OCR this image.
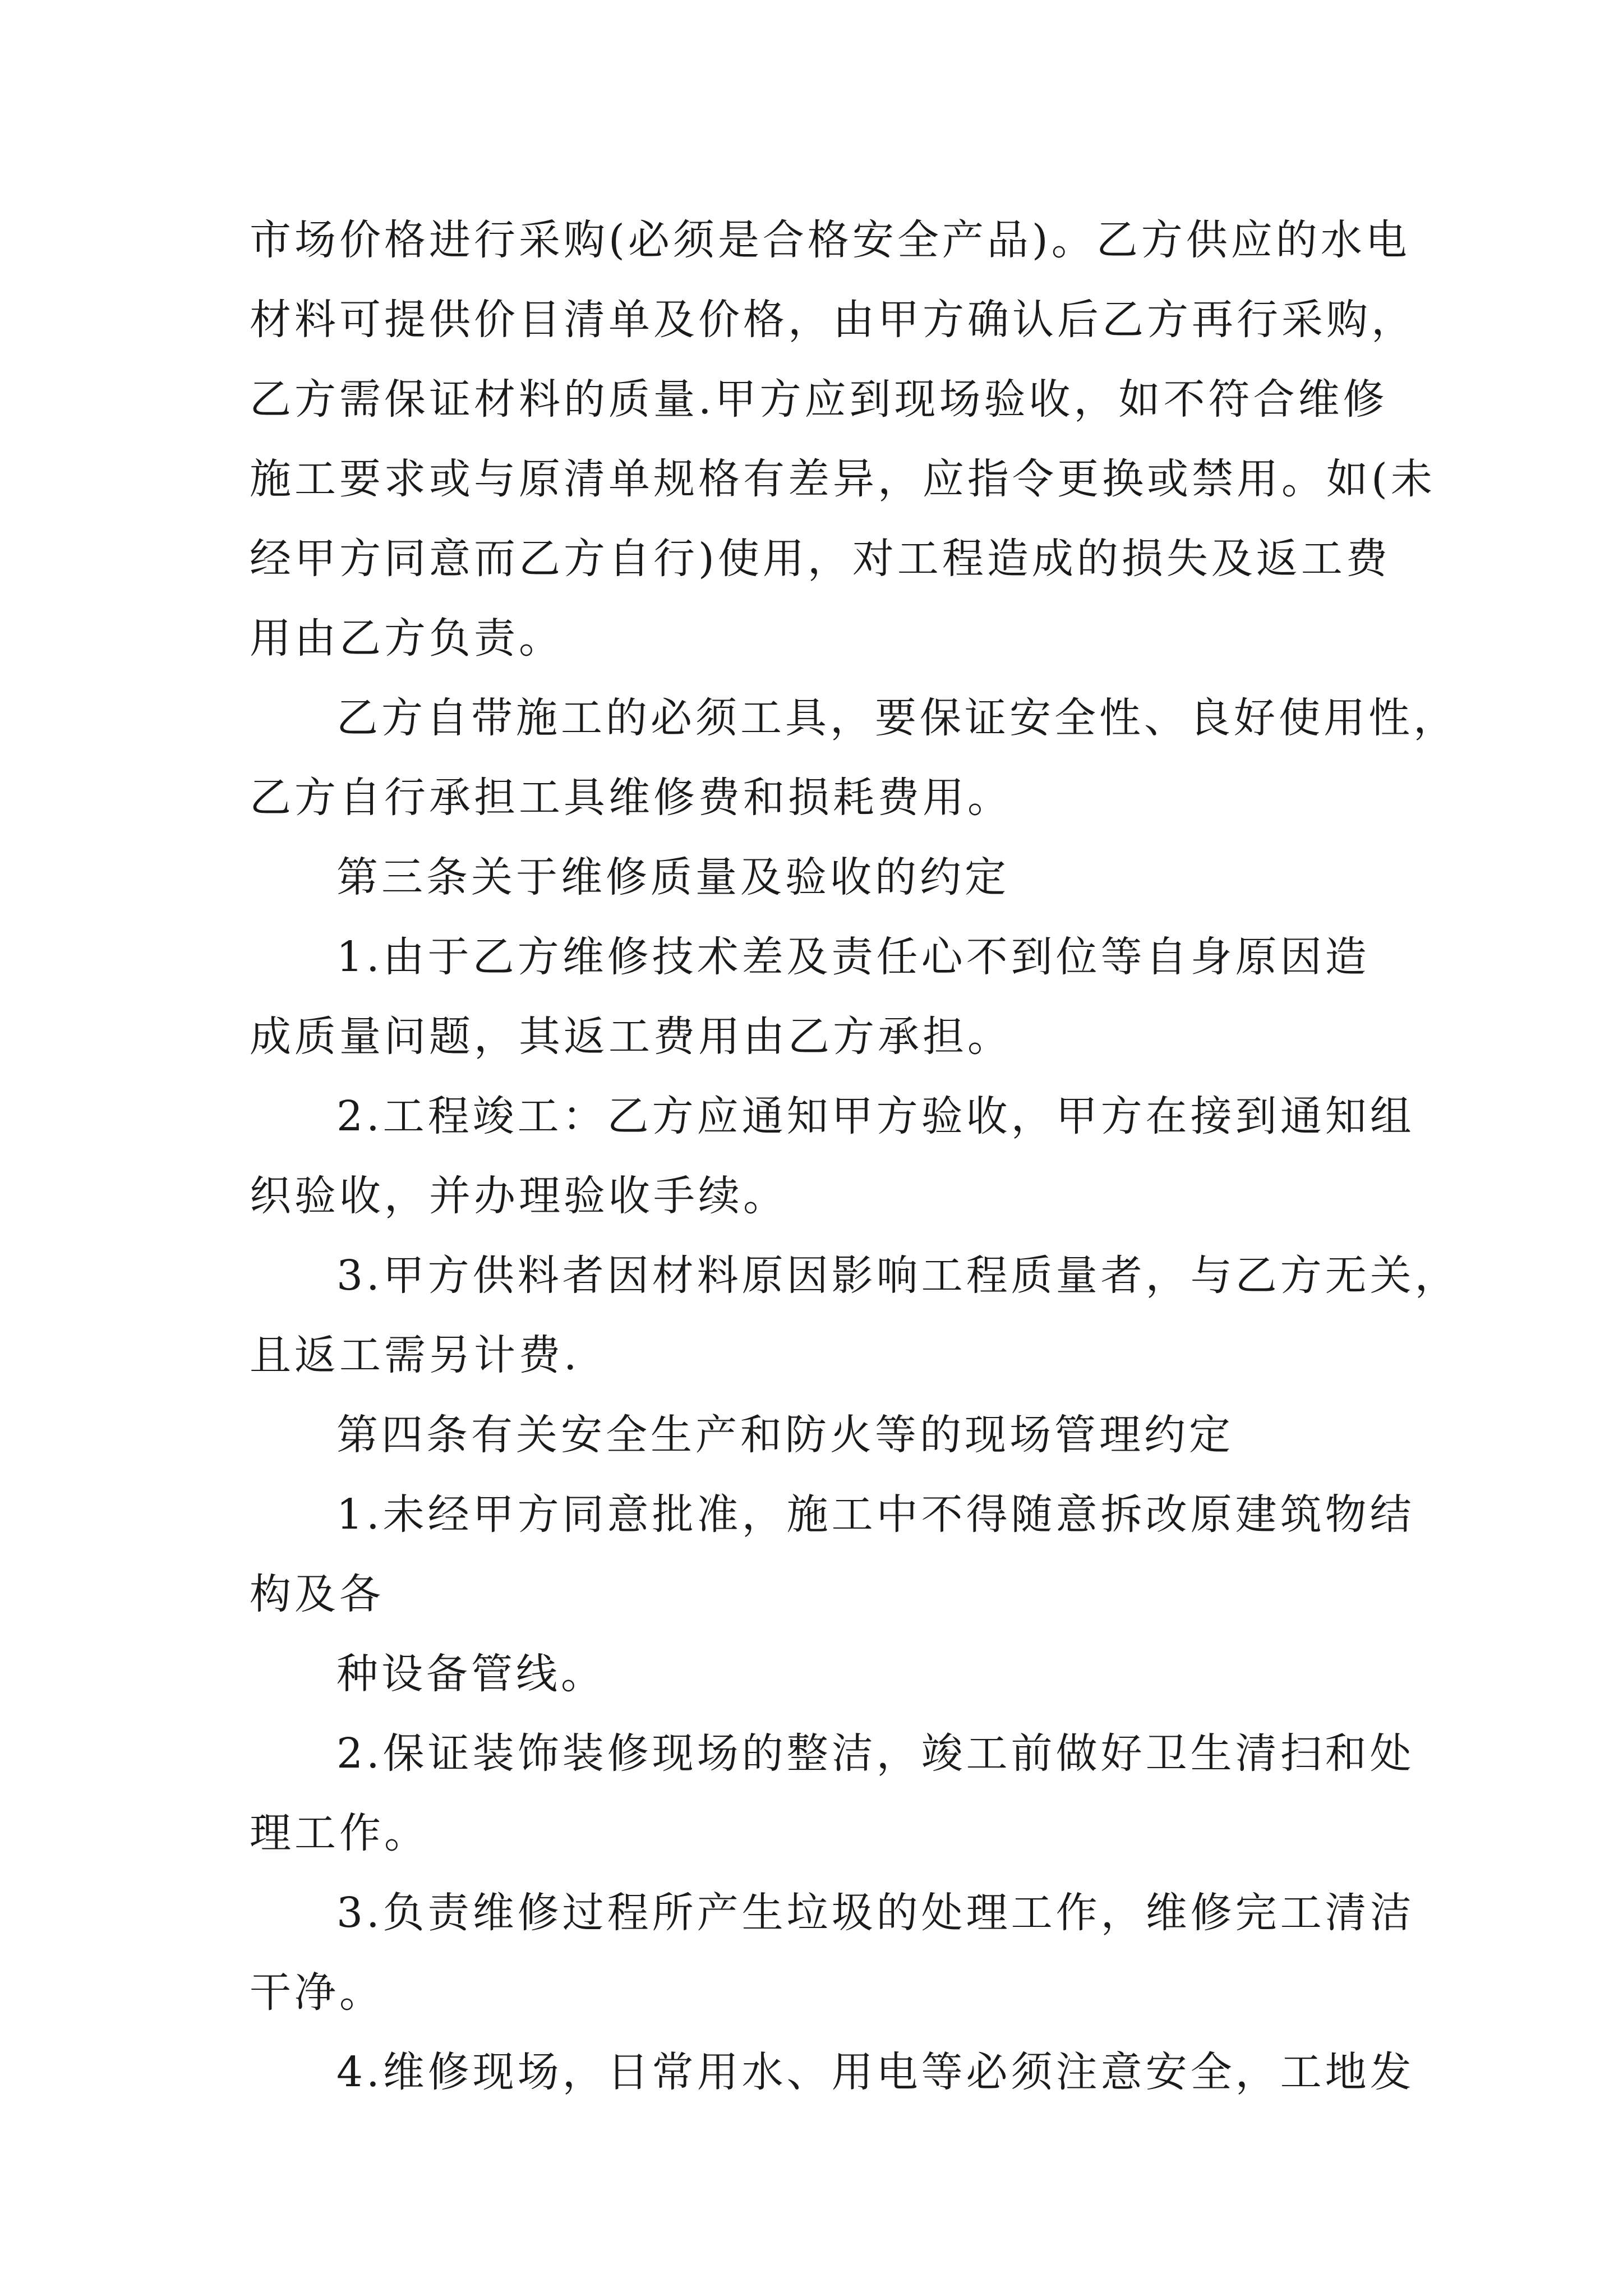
市场价格进行采购(必须是合格安全产品)。乙方供应的水电
材料可提供价目清单及价格，由甲方确认后乙方再行采购，
乙方需保证材料的质量.甲方应到现场验收，如不符合维修
施工要求或与原清单规格有差异，应指令更换或禁用。如(未
经甲方同意而乙方自行)使用，对工程造成的损失及返工费
用由乙方负责。
乙方自带施工的必须工具，要保证安全性、良好使用性，
乙方自行承担工具维修费和损耗费用。
第三条关于维修质量及验收的约定
1.由于乙方维修技术差及责任心不到位等自身原因造
成质量问题，其返工费用由乙方承担。
2.工程竣工：乙方应通知甲方验收，甲方在接到通知组
织验收，并办理验收手续。
3.甲方供料者因材料原因影响工程质量者，与乙方无关，
且返工需另计费.
第四条有关安全生产和防火等的现场管理约定
1.未经甲方同意批准，施工中不得随意拆改原建筑物结
构及各
种设备管线。
2.保证装饰装修现场的整洁，竣工前做好卫生清扫和处
理工作。
3.负责维修过程所产生垃圾的处理工作，维修完工清洁
干净。
4.维修现场，日常用水、用电等必须注意安全，工地发
